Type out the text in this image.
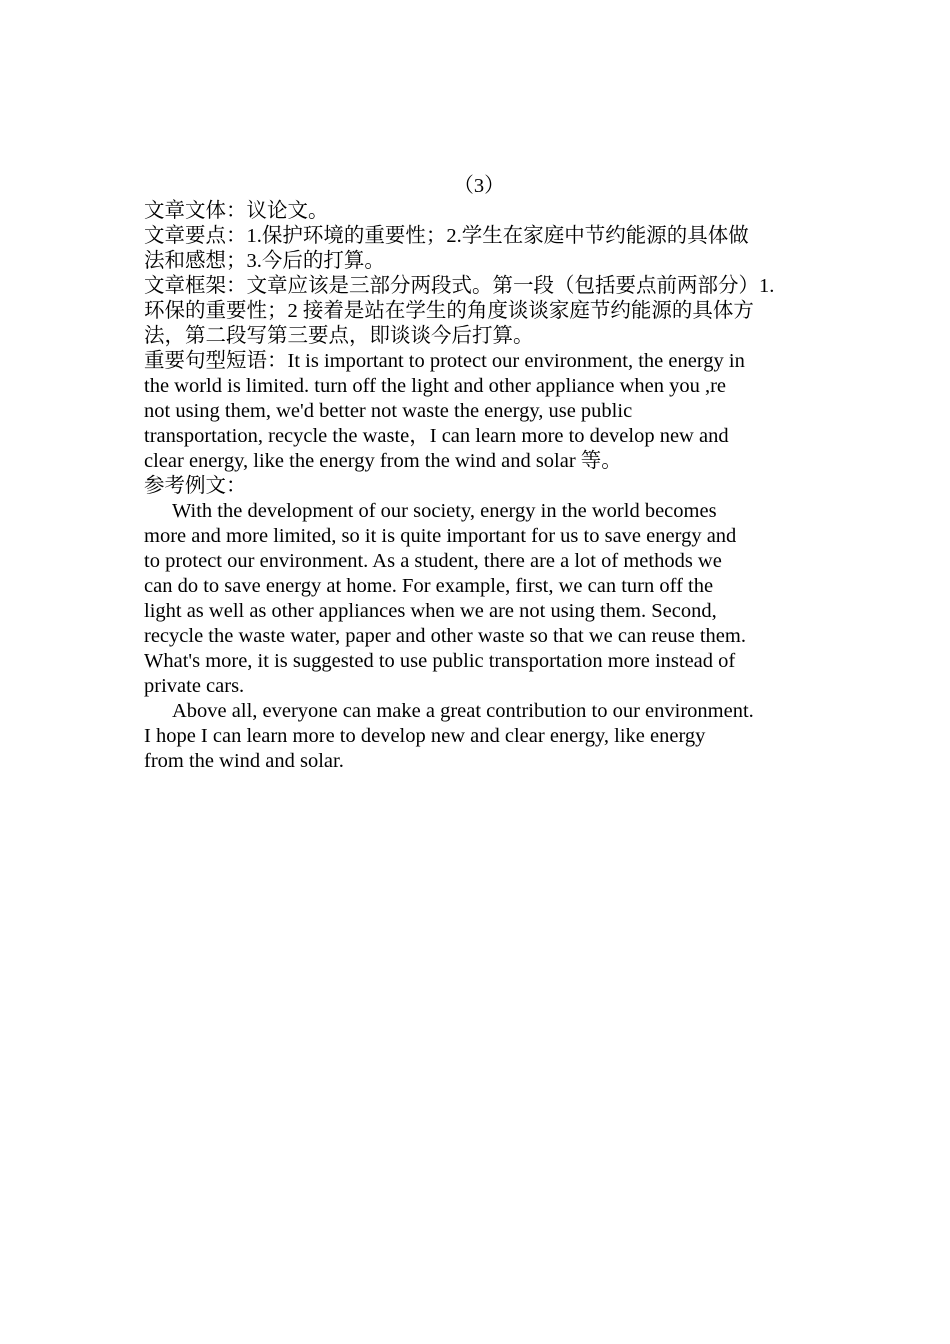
（3）

文章文体：议论文。

文章要点：1.保护环境的重要性；2.学生在家庭中节约能源的具体做

法和感想；3.今后的打算。

文章框架：文章应该是三部分两段式。第一段（包括要点前两部分）1.

环保的重要性；2 接着是站在学生的角度谈谈家庭节约能源的具体方

法，第二段写第三要点，即谈谈今后打算。

重要句型短语：It is important to protect our environment, the energy in

the world is limited. turn off the light and other appliance when you ,re

not using them, we'd better not waste the energy, use public

transportation, recycle the waste，I can learn more to develop new and

clear energy, like the energy from the wind and solar 等。

参考例文：

With the development of our society, energy in the world becomes

more and more limited, so it is quite important for us to save energy and

to protect our environment. As a student, there are a lot of methods we

can do to save energy at home. For example, first, we can turn off the

light as well as other appliances when we are not using them. Second,

recycle the waste water, paper and other waste so that we can reuse them.

What's more, it is suggested to use public transportation more instead of

private cars.

Above all, everyone can make a great contribution to our environment.

I hope I can learn more to develop new and clear energy, like energy

from the wind and solar.
